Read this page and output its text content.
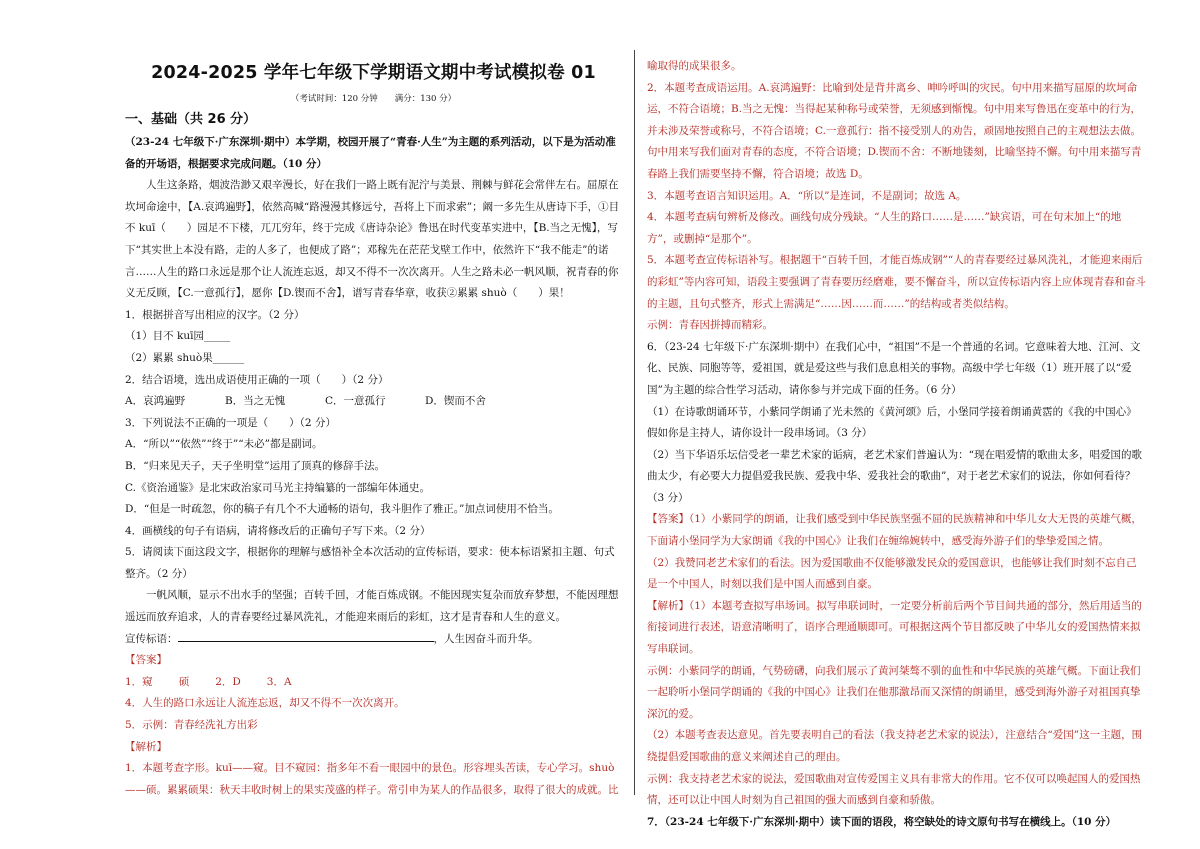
2024-2025 学年七年级下学期语文期中考试模拟卷 01
（考试时间：120 分钟　　满分：130 分）
一、基础（共 26 分）

（23-24 七年级下·广东深圳·期中）本学期，校园开展了“青春·人生”为主题的系列活动，以下是为活动准备的开场语，根据要求完成问题。（10 分）

人生这条路，烟波浩渺又艰辛漫长，好在我们一路上既有泥泞与美景、荆棘与鲜花会常伴左右。屈原在坎坷命途中，【A.哀鸿遍野】，依然高喊“路漫漫其修远兮，吾将上下而求索”；阚一多先生从唐诗下手，①目不 kuī（　　）园足不下楼，兀兀穷年，终于完成《唐诗杂论》鲁迅在时代变革实进中，【B.当之无愧】，写下“其实世上本没有路，走的人多了，也便成了路”；邓稼先在茫茫戈壁工作中，依然许下“我不能走”的诺言……人生的路口永远是那个让人流连忘返，却又不得不一次次离开。人生之路未必一帆风顺，祝青春的你义无反顾，【C.一意孤行】，愿你【D.锲而不舍】，谱写青春华章，收获②累累 shuò（　　）果！

1．根据拼音写出相应的汉字。（2 分）

（1）目不 kuī园_____

（2）累累 shuò果______

2．结合语境，选出成语使用正确的一项（　　）（2 分）

A．哀鸿遍野	B．当之无愧	C．一意孤行	D．锲而不舍

3．下列说法不正确的一项是（　　）（2 分）

A．“所以”“依然”“终于”“未必”都是副词。

B．“归来见天子，天子坐明堂”运用了顶真的修辞手法。

C.《资治通鉴》是北宋政治家司马光主持编纂的一部编年体通史。

D．“但是一时疏忽，你的稿子有几个不大通畅的语句，我斗胆作了雅正。”加点词使用不恰当。

4．画横线的句子有语病，请将修改后的正确句子写下来。（2 分）

5．请阅读下面这段文字，根据你的理解与感悟补全本次活动的宣传标语，要求：使本标语紧扣主题、句式整齐。（2 分）

一帆风顺，显示不出水手的坚强；百转千回，才能百炼成钢。不能因现实复杂而放弃梦想，不能因理想遥远而放弃追求，人的青春要经过暴风洗礼，才能迎来雨后的彩虹，这才是青春和人生的意义。

宣传标语：	，人生因奋斗而升华。

【答案】

1．窥 硕 2．D 3．A

4．人生的路口永远让人流连忘返，却又不得不一次次离开。

5．示例：青春经洗礼方出彩

【解析】

1．本题考查字形。kuī——窥。目不窥园：指多年不看一眼园中的景色。形容埋头苦读，专心学习。shuò——硕。累累硕果：秋天丰收时树上的果实茂盛的样子。常引申为某人的作品很多，取得了很大的成就。比

喻取得的成果很多。

2．本题考查成语运用。A.哀鸿遍野：比喻到处是背井离乡、呻吟呼叫的灾民。句中用来描写屈原的坎坷命运，不符合语境；B.当之无愧：当得起某种称号或荣誉，无须感到惭愧。句中用来写鲁迅在变革中的行为，并未涉及荣誉或称号，不符合语境；C.一意孤行：指不接受别人的劝告，顽固地按照自己的主观想法去做。句中用来写我们面对青春的态度，不符合语境；D.锲而不舍：不断地镂刻，比喻坚持不懈。句中用来描写青春路上我们需要坚持不懈，符合语境；故选 D。

3．本题考查语言知识运用。A．“所以”是连词，不是副词；故选 A。

4．本题考查病句辨析及修改。画线句成分残缺。“人生的路口……是……”缺宾语，可在句末加上“的地方”，或删掉“是那个”。

5．本题考查宣传标语补写。根据题干“百转千回，才能百炼成钢”“人的青春要经过暴风洗礼，才能迎来雨后的彩虹”等内容可知，语段主要强调了青春要历经磨难，要不懈奋斗，所以宣传标语内容上应体现青春和奋斗的主题，且句式整齐，形式上需满足“……因……而……”的结构或者类似结构。

示例：青春因拼搏而精彩。

6．（23-24 七年级下·广东深圳·期中）在我们心中，“祖国”不是一个普通的名词。它意味着大地、江河、文化、民族、同胞等等，爱祖国，就是爱这些与我们息息相关的事物。高级中学七年级（1）班开展了以“爱国”为主题的综合性学习活动，请你参与并完成下面的任务。（6 分）

（1）在诗歌朗诵环节，小紫同学朗诵了光未然的《黄河颂》后，小堡同学接着朗诵黄霑的《我的中国心》假如你是主持人，请你设计一段串场词。（3 分）

（2）当下华语乐坛信受老一辈艺术家的诟病，老艺术家们普遍认为：“现在唱爱情的歌曲太多，唱爱国的歌曲太少，有必要大力提倡爱我民族、爱我中华、爱我社会的歌曲”，对于老艺术家们的说法，你如何看待？（3 分）

【答案】（1）小紫同学的朗诵，让我们感受到中华民族坚强不屈的民族精神和中华儿女大无畏的英雄气概，下面请小堡同学为大家朗诵《我的中国心》让我们在缠绵婉转中，感受海外游子们的挚挚爱国之情。

（2）我赞同老艺术家们的看法。因为爱国歌曲不仅能够激发民众的爱国意识，也能够让我们时刻不忘自己是一个中国人，时刻以我们是中国人而感到自豪。

【解析】（1）本题考查拟写串场词。拟写串联词时，一定要分析前后两个节目间共通的部分，然后用适当的衔接词进行表述，语意清晰明了，语序合理通顺即可。可根据这两个节目都反映了中华儿女的爱国热情来拟写串联词。

示例：小紫同学的朗诵，气势磅礴，向我们展示了黄河桀骜不驯的血性和中华民族的英雄气概。下面让我们一起聆听小堡同学朗诵的《我的中国心》让我们在他那激昂而又深情的朗诵里，感受到海外游子对祖国真挚深沉的爱。

（2）本题考查表达意见。首先要表明自己的看法（我支持老艺术家的说法），注意结合“爱国”这一主题，围绕提倡爱国歌曲的意义来阐述自己的理由。

示例：我支持老艺术家的说法，爱国歌曲对宣传爱国主义具有非常大的作用。它不仅可以唤起国人的爱国热情，还可以让中国人时刻为自己祖国的强大而感到自豪和骄傲。

7．（23-24 七年级下·广东深圳·期中）读下面的语段，将空缺处的诗文原句书写在横线上。（10 分）
